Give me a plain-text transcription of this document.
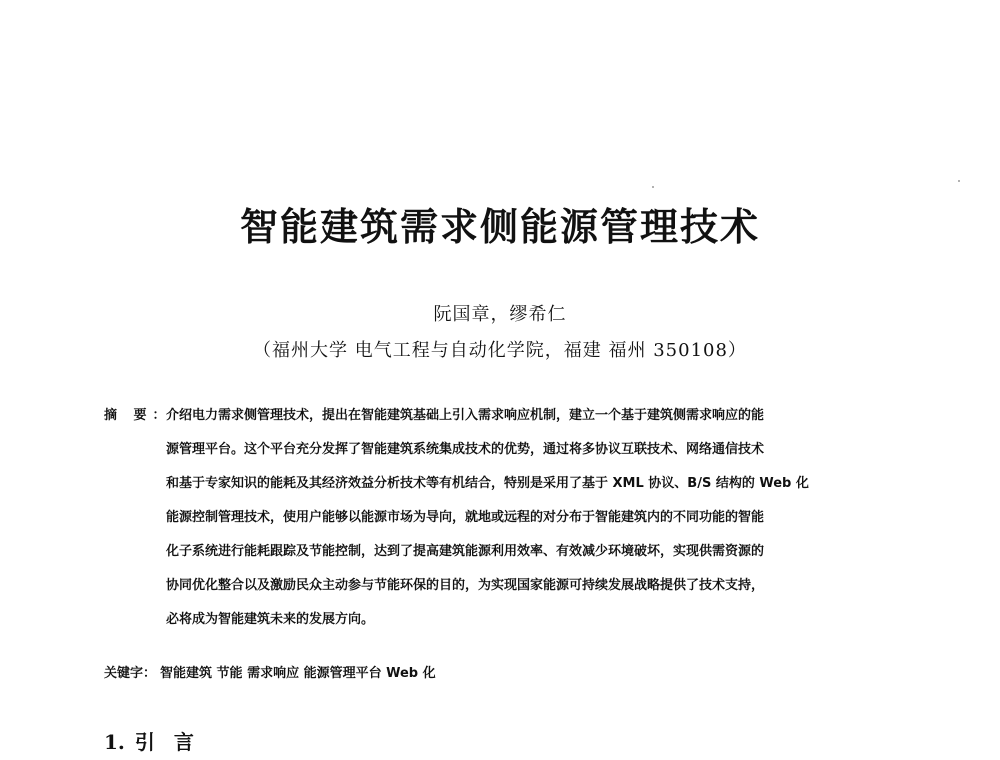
智能建筑需求侧能源管理技术
阮国章，缪希仁
（福州大学 电气工程与自动化学院，福建 福州 350108）
摘 要：
介绍电力需求侧管理技术，提出在智能建筑基础上引入需求响应机制，建立一个基于建筑侧需求响应的能
源管理平台。这个平台充分发挥了智能建筑系统集成技术的优势，通过将多协议互联技术、网络通信技术
和基于专家知识的能耗及其经济效益分析技术等有机结合，特别是采用了基于 XML 协议、B/S 结构的 Web 化
能源控制管理技术，使用户能够以能源市场为导向，就地或远程的对分布于智能建筑内的不同功能的智能
化子系统进行能耗跟踪及节能控制，达到了提高建筑能源利用效率、有效减少环境破坏，实现供需资源的
协同优化整合以及激励民众主动参与节能环保的目的，为实现国家能源可持续发展战略提供了技术支持，
必将成为智能建筑未来的发展方向。
关键字： 智能建筑 节能 需求响应 能源管理平台 Web 化
1. 引 言
